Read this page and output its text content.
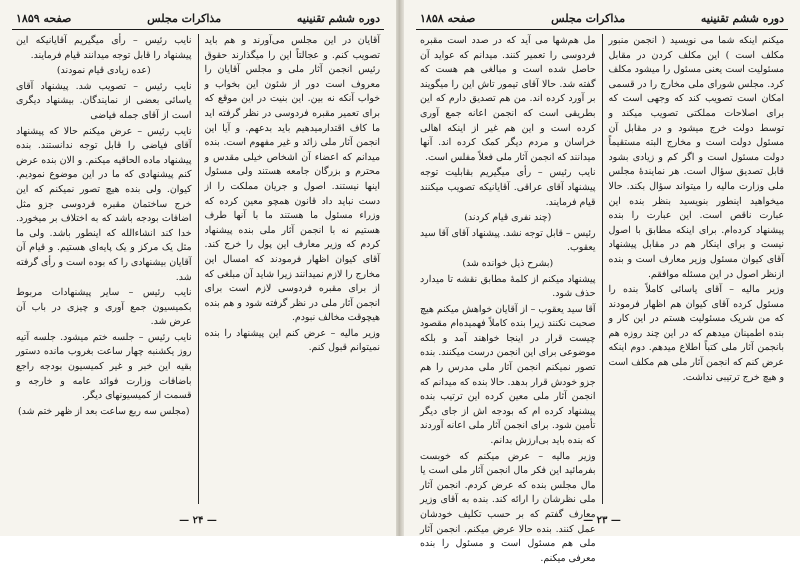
دوره ششم تقنینیه
مذاکرات مجلس
صفحه ۱۸۵۹

آقایان در این مجلس می‌آورند و هم باید تصویب کنم. و عجالتاً این را میگذارند حقوق رئیس انجمن آثار ملی و مجلس آقایان را معروف است دور از شئون این بخواب و خواب آنکه نه بین. این بنیت در این موقع که برای تعمیر مقبره فردوسی در نظر گرفته اید ما کاف اقتدارمیدهیم باید بدعهم. و آیا این انجمن آثار ملی زائد و غیر مفهوم است. بنده میدانم که اعضاء آن اشخاص خیلی مقدس و محترم و بزرگان جامعه هستند ولی مسئول اینها نیستند. اصول و جریان مملکت را از دست نباید داد قانون همچو معین کرده که وزراء مسئول ما هستند ما با آنها طرف هستیم نه با انجمن آثار ملی بنده پیشنهاد کردم که وزیر معارف این پول را خرج کند. آقای کیوان اظهار فرمودند که امسال این مخارج را لازم نمیدانند زیرا شاید آن مبلغی که از برای مقبره فردوسی لازم است برای انجمن آثار ملی در نظر گرفته شود و هم بنده هیچوقت مخالف نبودم.

وزیر مالیه – عرض کنم این پیشنهاد را بنده نمیتوانم قبول کنم.

نایب رئیس – رأی میگیریم آقایانیکه این پیشنهاد را قابل توجه میدانند قیام فرمایند.

(عده زیادی قیام نمودند)

نایب رئیس – تصویب شد. پیشنهاد آقای یاسائی بعضی از نمایندگان. بیشنهاد دیگری است از آقای جمله فیاضی

نایب رئیس – عرض میکنم حالا که پیشنهاد آقای فیاضی را قابل توجه ندانستند. بنده پیشنهاد ماده الحاقیه میکنم. و الان بنده عرض کنم پیشنهادی که ما در این موضوع نمودیم. کیوان. ولی بنده هیچ تصور نمیکنم که این خرج ساختمان مقبره فردوسی جزو مثل اضافات بودجه باشد که به اختلاف بر میخورد. خدا کند انشاءالله که اینطور باشد. ولی ما مثل یک مرکز و یک پایه‌ای هستیم. و قیام آن آقایان بیشنهادی را که بوده است و رأی گرفته شد.

نایب رئیس – سایر پیشنهادات مربوط بکمیسیون جمع آوری و چیزی در باب آن عرض شد.

نایب رئیس – جلسه ختم میشود. جلسه آتیه روز یکشنبه چهار ساعت بغروب مانده دستور بقیه این خبر و غیر کمیسیون بودجه راجع باضافات وزارت فوائد عامه و خارجه و قسمت از کمیسیونهای دیگر.

(مجلس سه ربع ساعت بعد از ظهر ختم شد)

— ۲۴ —
دوره ششم تقنینیه
مذاکرات مجلس
صفحه ۱۸۵۸

میکنم اینکه شما می نویسید ( انجمن منبور مکلف است ) این مکلف کردن در مقابل مسئولیت است یعنی مسئول را میشود مکلف کرد. مجلس شورای ملی مخارج را در قسمی امکان است تصویب کند که وجهی است که برای اصلاحات مملکتی تصویب میکند و توسط دولت خرج میشود و در مقابل آن مسئول دولت است و مخارج البته مستقیماً دولت مسئول است و اگر کم و زیادی بشود قابل تصدیق سؤال است. هر نمایندهٔ مجلس ملی وزارت مالیه را میتواند سؤال بکند. حالا میخواهید اینطور بنویسید بنظر بنده این عبارت ناقص است. این عبارت را بنده پیشنهاد کرده‌ام. برای اینکه مطابق با اصول نیست و برای اینکار هم در مقابل پیشنهاد آقای کیوان مسئول وزیر معارف است و بنده ازنظر اصول در این مسئله موافقم.

وزیر مالیه – آقای یاسائی کاملاً بنده را مسئول کرده آقای کیوان هم اظهار فرمودند که من شریک مسئولیت هستم در این کار و بنده اطمینان میدهم که در این چند روزه هم بانجمن آثار ملی کتباً اطلاع میدهم. دوم اینکه عرض کنم که انجمن آثار ملی هم مکلف است و هیچ خرج ترتیبی نداشت.

مل هم‌شها می آید که در صدد است مقبره فردوسی را تعمیر کنند. میدانم که عواید آن حاصل شده است و مبالغی هم هست که گفته شد. حالا آقای تیمور تاش این را میگویند بر آورد کرده اند. من هم تصدیق دارم که این بطریقی است که انجمن اعانه جمع آوری کرده است و این هم غیر از اینکه اهالی خراسان و مردم دیگر کمک کرده اند. آنها میدانند که انجمن آثار ملی فعلاً مفلس است.

نایب رئیس – رأی میگیریم بقابلیت توجه پیشنهاد آقای عراقی. آقایانیکه تصویب میکنند قیام فرمایند.

(چند نفری قیام کردند)

رئیس – قابل توجه نشد. پیشنهاد آقای آقا سید یعقوب.

(بشرح ذیل خوانده شد)

پیشنهاد میکنم از کلمهٔ مطابق نقشه تا میدارد حذف شود.

آقا سید یعقوب – از آقایان خواهش میکنم هیچ صحبت نکنند زیرا بنده کاملاً فهمیده‌ام مقصود چیست قرار در اینجا خواهند آمد و بلکه موضوعی برای این انجمن درست میکنند. بنده تصور نمیکنم انجمن آثار ملی مدرس را هم جزو خودش قرار بدهد. حالا بنده که میدانم که انجمن آثار ملی معین کرده این ترتیب بنده پیشنهاد کرده ام که بودجه اش از جای دیگر تأمین شود. برای انجمن آثار ملی اعانه آوردند که بنده باید بی‌ارزش بدانم.

وزیر مالیه – عرض میکنم که خوبست بفرمائید این فکر مال انجمن آثار ملی است یا مال مجلس بنده که عرض کردم. انجمن آثار ملی نظرشان را ارائه کند. بنده به آقای وزیر معارف گفتم که بر حسب تکلیف خودشان عمل کنند. بنده حالا عرض میکنم. انجمن آثار ملی هم مسئول است و مسئول را بنده معرفی میکنم.

— ۲۳ —
